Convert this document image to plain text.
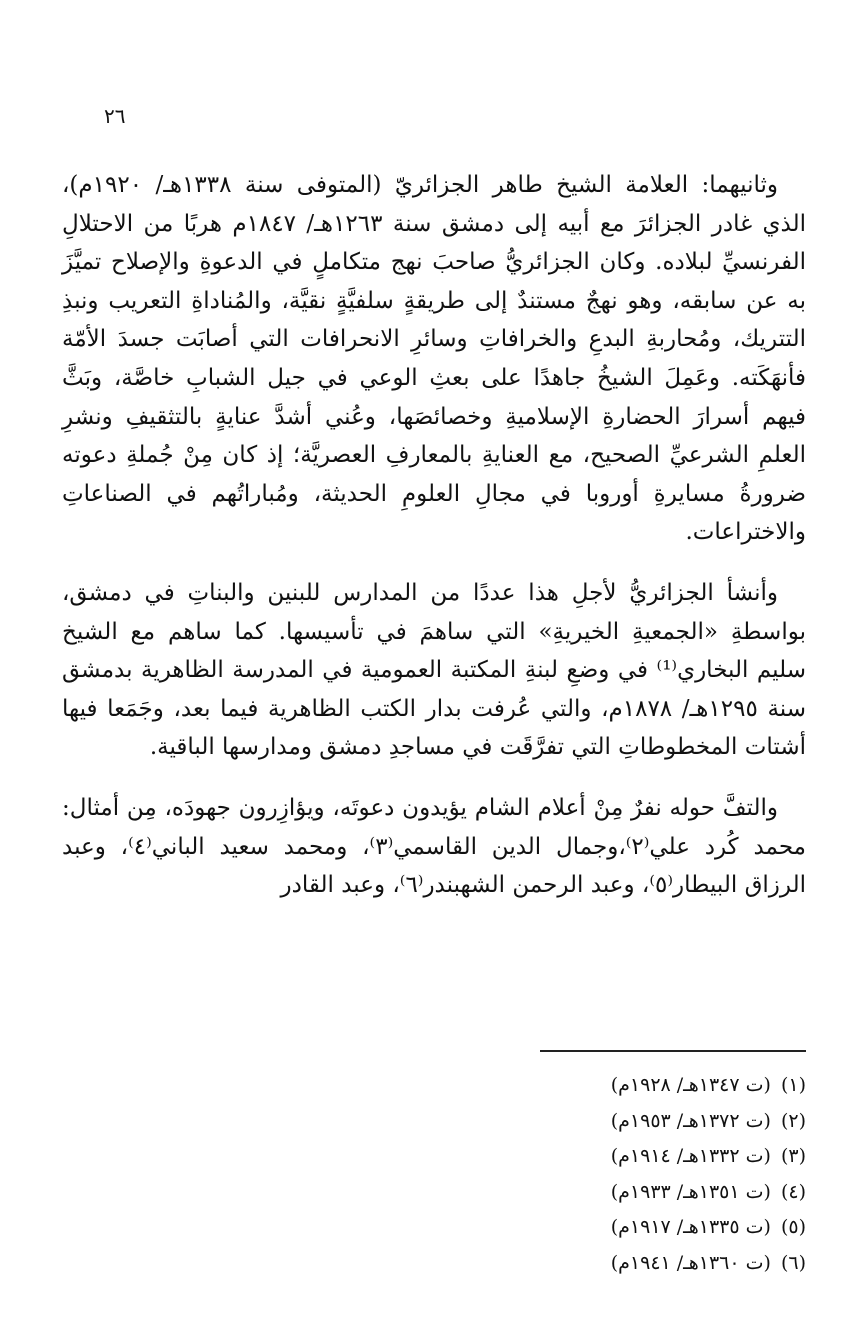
٢٦

وثانيهما: العلامة الشيخ طاهر الجزائريّ (المتوفى سنة ١٣٣٨هـ/ ١٩٢٠م)، الذي غادر الجزائرَ مع أبيه إلى دمشق سنة ١٢٦٣هـ/ ١٨٤٧م هربًا من الاحتلالِ الفرنسيِّ لبلاده. وكان الجزائريُّ صاحبَ نهج متكاملٍ في الدعوةِ والإصلاح تميَّزَ به عن سابقه، وهو نهجٌ مستندٌ إلى طريقةٍ سلفيَّةٍ نقيَّة، والمُناداةِ التعريب ونبذِ التتريك، ومُحاربةِ البدعِ والخرافاتِ وسائرِ الانحرافات التي أصابَت جسدَ الأمّة فأنهَكَته. وعَمِلَ الشيخُ جاهدًا على بعثِ الوعي في جيل الشبابِ خاصَّة، وبَثَّ فيهم أسرارَ الحضارةِ الإسلاميةِ وخصائصَها، وعُني أشدَّ عنايةٍ بالتثقيفِ ونشرِ العلمِ الشرعيِّ الصحيح، مع العنايةِ بالمعارفِ العصريَّة؛ إذ كان مِنْ جُملةِ دعوته ضرورةُ مسايرةِ أوروبا في مجالِ العلومِ الحديثة، ومُباراتُهم في الصناعاتِ والاختراعات.

وأنشأ الجزائريُّ لأجلِ هذا عددًا من المدارس للبنين والبناتِ في دمشق، بواسطةِ «الجمعيةِ الخيريةِ» التي ساهمَ في تأسيسها. كما ساهم مع الشيخ سليم البخاري⁽¹⁾ في وضعِ لبنةِ المكتبة العمومية في المدرسة الظاهرية بدمشق سنة ١٢٩٥هـ/ ١٨٧٨م، والتي عُرفت بدار الكتب الظاهرية فيما بعد، وجَمَعا فيها أشتات المخطوطاتِ التي تفرَّقَت في مساجدِ دمشق ومدارسها الباقية.

والتفَّ حوله نفرٌ مِنْ أعلام الشام يؤيدون دعوتَه، ويؤازِرون جهودَه، مِن أمثال: محمد كُرد علي⁽٢⁾،وجمال الدين القاسمي⁽٣⁾، ومحمد سعيد الباني⁽٤⁾، وعبد الرزاق البيطار⁽٥⁾، وعبد الرحمن الشهبندر⁽٦⁾، وعبد القادر

(١)(ت ١٣٤٧هـ/ ١٩٢٨م)
(٢)(ت ١٣٧٢هـ/ ١٩٥٣م)
(٣)(ت ١٣٣٢هـ/ ١٩١٤م)
(٤)(ت ١٣٥١هـ/ ١٩٣٣م)
(٥)(ت ١٣٣٥هـ/ ١٩١٧م)
(٦)(ت ١٣٦٠هـ/ ١٩٤١م)
